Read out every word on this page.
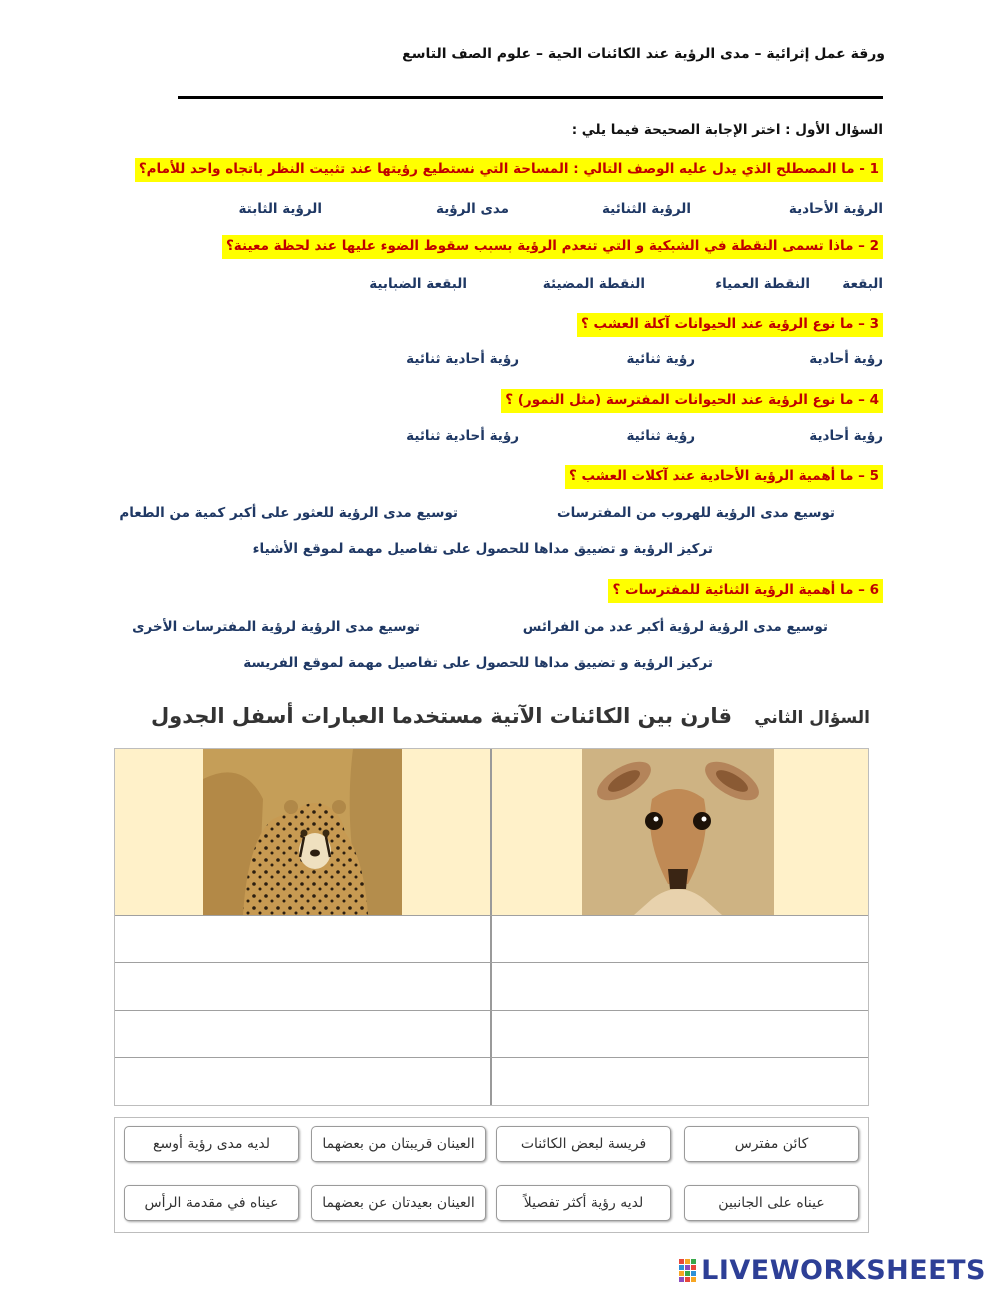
ورقة عمل إثرائية – مدى الرؤية عند الكائنات الحية – علوم الصف التاسع
السؤال الأول : اختر الإجابة الصحيحة فيما يلي :
1 - ما المصطلح الذي يدل عليه الوصف التالي : المساحة التي نستطيع رؤيتها عند تثبيت النظر باتجاه واحد للأمام؟
الرؤية الأحادية
الرؤية الثنائية
مدى الرؤية
الرؤية الثابتة
2 – ماذا تسمى النقطة في الشبكية و التي تنعدم الرؤية بسبب سقوط الضوء عليها عند لحظة معينة؟
البقعة
النقطة العمياء
النقطة المضيئة
البقعة الضبابية
3 – ما نوع الرؤية عند الحيوانات آكلة العشب ؟
رؤية أحادية
رؤية ثنائية
رؤية أحادية ثنائية
4 – ما نوع الرؤية عند الحيوانات المفترسة (مثل النمور) ؟
رؤية أحادية
رؤية ثنائية
رؤية أحادية ثنائية
5 – ما أهمية الرؤية الأحادية عند آكلات العشب ؟
توسيع مدى الرؤية للهروب من المفترسات
توسيع مدى الرؤية للعثور على أكبر كمية من الطعام
تركيز الرؤية و تضييق مداها للحصول على تفاصيل مهمة لموقع الأشياء
6 – ما أهمية الرؤية الثنائية للمفترسات ؟
توسيع مدى الرؤية لرؤية أكبر عدد من الفرائس
توسيع مدى الرؤية لرؤية المفترسات الأخرى
تركيز الرؤية و تضييق مداها للحصول على تفاصيل مهمة لموقع الفريسة
السؤال الثاني
قارن بين الكائنات الآتية مستخدما العبارات أسفل الجدول
كائن مفترس
فريسة لبعض الكائنات
العينان قريبتان من بعضهما
لديه مدى رؤية أوسع
عيناه على الجانبين
لديه رؤية أكثر تفصيلاً
العينان بعيدتان عن بعضهما
عيناه في مقدمة الرأس
LIVEWORKSHEETS
